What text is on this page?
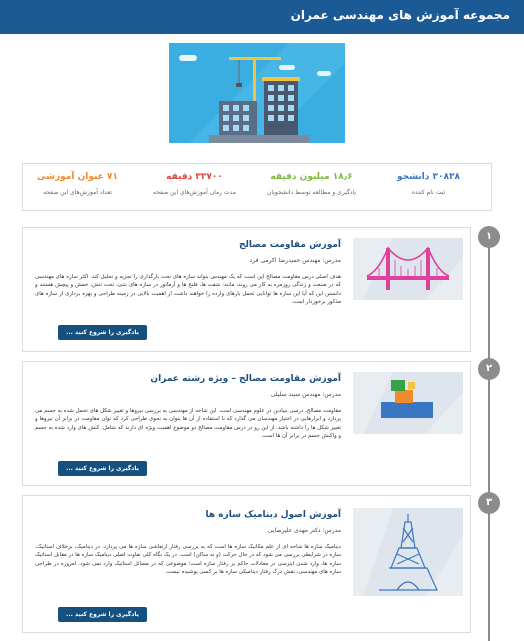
مجموعه آموزش های مهندسی عمران
۳۰۸۳۸ دانشجو
ثبت نام کننده
۱۸٫۶ میلیون دقیقه
یادگیری و مطالعه توسط دانشجویان
۳۳۷۰۰ دقیقه
مدت زمان آموزش‌های این صفحه
۷۱ عنوان آموزشی
تعداد آموزش‌های این صفحه
۱
۲
۳
آموزش مقاومت مصالح
مدرس: مهندس حمیدرضا اکرمی فرد
هدف اصلی درس مقاومت مصالح این است که یک مهندس بتواند سازه های تحت بارگذاری را تجزیه و تحلیل کند. اکثر سازه های مهندسی که در صنعت و زندگی روزمره به کار می روند، مانند: شفت ها، فلنج ها و آرماتور در سازه های بتنی، تحت تنش، خمش و پیچش هستند و دانستن این که آیا این سازه ها توانایی تحمل بارهای وارده را خواهند داشت از اهمیت بالایی در زمینه طراحی و بهره برداری از سازه های مذکور برخوردار است.
یادگیری را شروع کنید ...
آموزش مقاومت مصالح – ویژه رشته عمران
مدرس: مهندس سپند سلیلی
مقاومت مصالح، درسی بنیادین در علوم مهندسی است. این شاخه از مهندسی به بررسی نیروها و تغییر شکل های تحمل شده به جسم می پردازد و ابزارهایی در اختیار مهندسان می گذارد که با استفاده از آن ها بتوان به نحوی طراحی کرد که توان مقاومت در برابر آن نیروها و تغییر شکل ها را داشته باشد. از این رو در درس مقاومت مصالح دو موضوع اهمیت ویژه ای دارند که شامل: کنش های وارد شده به جسم و واکنش جسم در برابر آن ها است.
یادگیری را شروع کنید ...
آموزش اصول دینامیک سازه ها
مدرس: دکتر مهدی علیرضایی
دینامیک سازه ها شاخه ای از علم مکانیک سازه ها است که به بررسی رفتار ارتعاشی سازه ها می پردازد. در دینامیک، برخلاف استاتیک، سازه در شرایطی بررسی می شود که در حال حرکت (و نه ساکن) است. در یک نگاه کلی تفاوت اصلی دینامیک سازه ها در مقابل استاتیک سازه ها، وارد شدن اینرسی در معادلات حاکم بر رفتار سازه است؛ موضوعی که در مسائل استاتیک وارد نمی شود. امروزه در طراحی سازه های مهندسی، نقش درک رفتار دینامیکی سازه ها بر کسی پوشیده نیست.
یادگیری را شروع کنید ...
